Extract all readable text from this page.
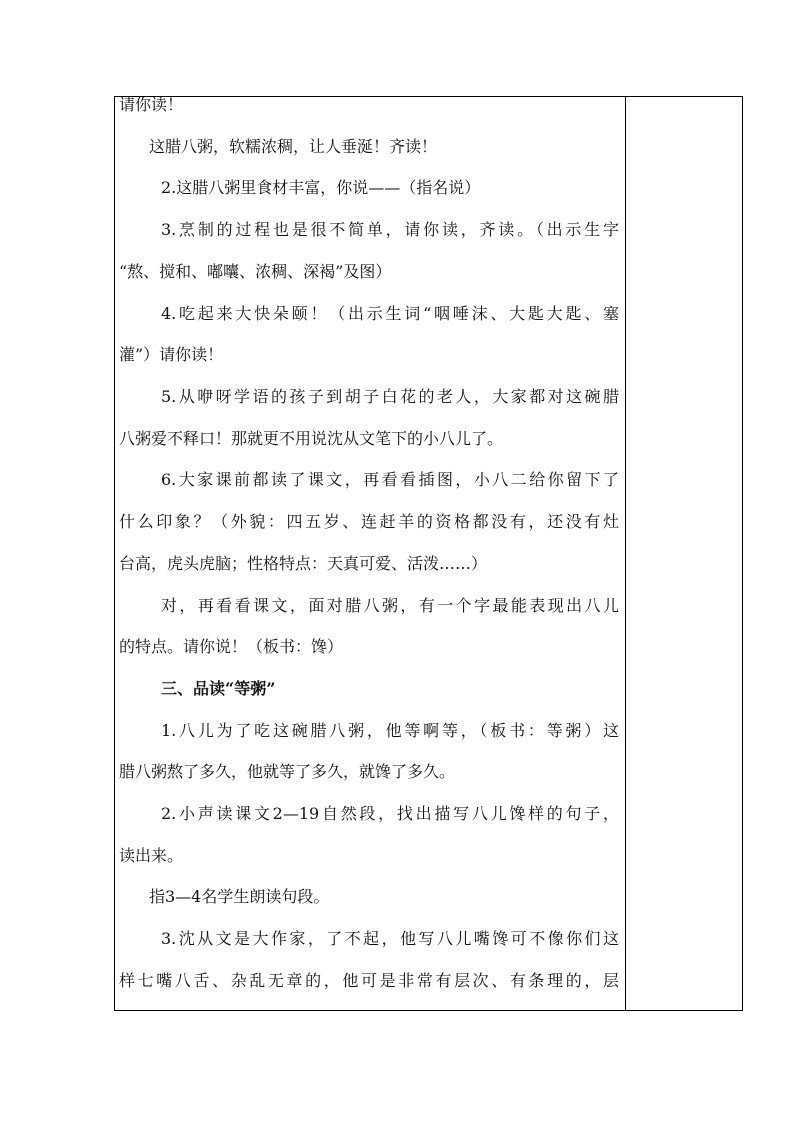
请你读！
这腊八粥，软糯浓稠，让人垂涎！齐读！
2.这腊八粥里食材丰富，你说——（指名说）
3.烹制的过程也是很不简单，请你读，齐读。（出示生字
“熬、搅和、嘟囔、浓稠、深褐”及图）
4.吃起来大快朵颐！（出示生词“咽唾沫、大匙大匙、塞
灌”）请你读！
5.从咿呀学语的孩子到胡子白花的老人，大家都对这碗腊
八粥爱不释口！那就更不用说沈从文笔下的小八儿了。
6.大家课前都读了课文，再看看插图，小八二给你留下了
什么印象？（外貌：四五岁、连赶羊的资格都没有，还没有灶
台高，虎头虎脑；性格特点：天真可爱、活泼……）
对，再看看课文，面对腊八粥，有一个字最能表现出八儿
的特点。请你说！（板书：馋）
三、品读“等粥”
1.八儿为了吃这碗腊八粥，他等啊等，（板书：等粥）这
腊八粥熬了多久，他就等了多久，就馋了多久。
2.小声读课文2—19自然段，找出描写八儿馋样的句子，
读出来。
指3—4名学生朗读句段。
3.沈从文是大作家，了不起，他写八儿嘴馋可不像你们这
样七嘴八舌、杂乱无章的，他可是非常有层次、有条理的，层
